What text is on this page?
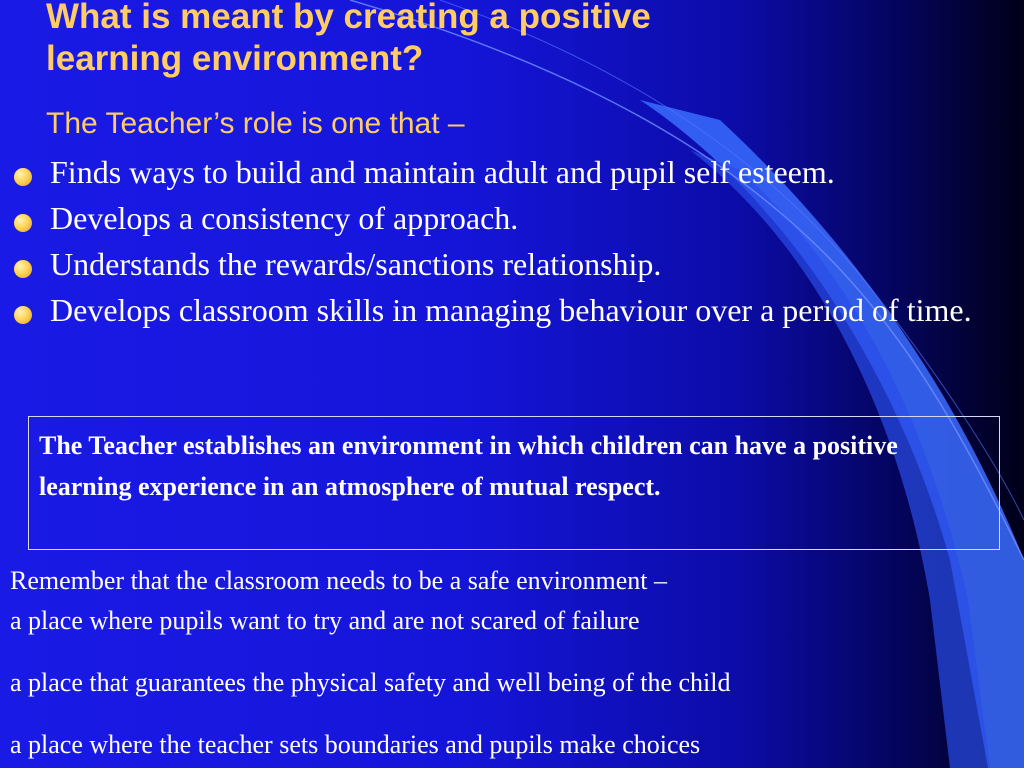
What is meant by creating a positive
learning environment?
The Teacher’s role is one that –
Finds ways to build and maintain adult and pupil self esteem.
Develops a consistency of approach.
Understands the rewards/sanctions relationship.
Develops classroom skills in managing behaviour over a period of time.
The Teacher establishes an environment in which children can have a positive learning experience in an atmosphere of mutual respect.

Remember that the classroom needs to be a safe environment –

a place where pupils want to try and are not scared of failure

a place that guarantees the physical safety and well being of the child

a place where the teacher sets boundaries and pupils make choices
